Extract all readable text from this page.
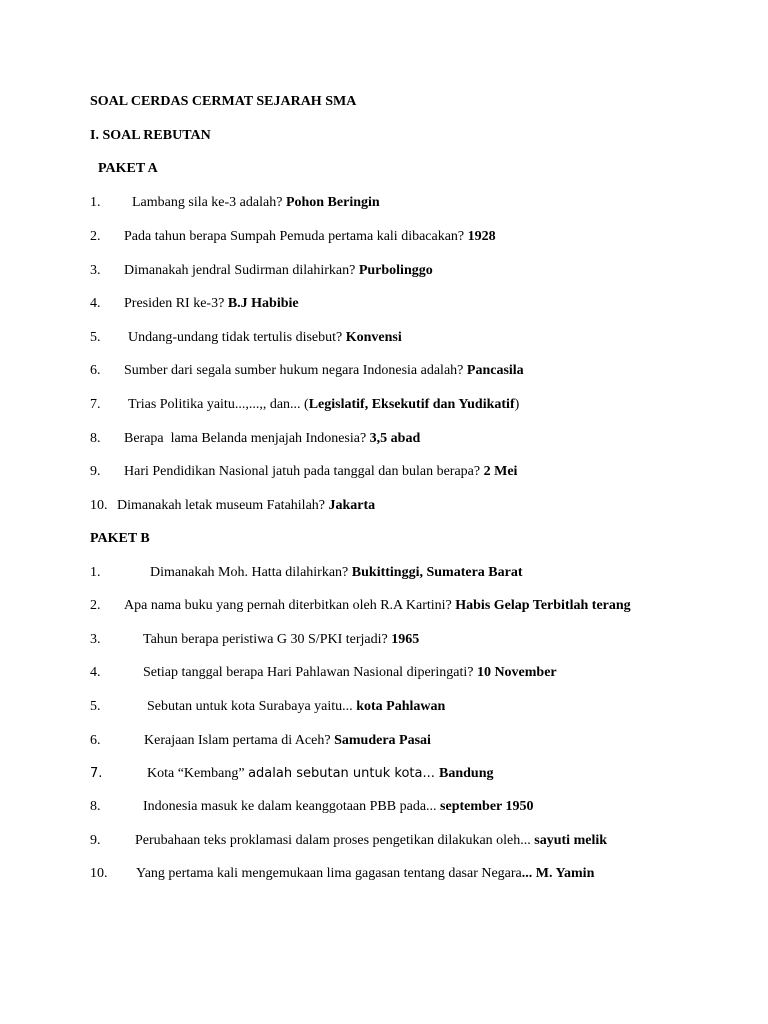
SOAL CERDAS CERMAT SEJARAH SMA
I. SOAL REBUTAN
PAKET A
1. Lambang sila ke-3 adalah? Pohon Beringin
2. Pada tahun berapa Sumpah Pemuda pertama kali dibacakan? 1928
3. Dimanakah jendral Sudirman dilahirkan? Purbolinggo
4. Presiden RI ke-3? B.J Habibie
5. Undang-undang tidak tertulis disebut? Konvensi
6. Sumber dari segala sumber hukum negara Indonesia adalah? Pancasila
7. Trias Politika yaitu...,...,, dan... (Legislatif, Eksekutif dan Yudikatif)
8. Berapa  lama Belanda menjajah Indonesia? 3,5 abad
9. Hari Pendidikan Nasional jatuh pada tanggal dan bulan berapa? 2 Mei
10. Dimanakah letak museum Fatahilah? Jakarta
PAKET B
1.	Dimanakah Moh. Hatta dilahirkan? Bukittinggi, Sumatera Barat
2. Apa nama buku yang pernah diterbitkan oleh R.A Kartini? Habis Gelap Terbitlah terang
3.	Tahun berapa peristiwa G 30 S/PKI terjadi? 1965
4.	Setiap tanggal berapa Hari Pahlawan Nasional diperingati? 10 November
5.	Sebutan untuk kota Surabaya yaitu... kota Pahlawan
6.	Kerajaan Islam pertama di Aceh? Samudera Pasai
7.	Kota “Kembang” adalah sebutan untuk kota... Bandung
8.	Indonesia masuk ke dalam keanggotaan PBB pada... september 1950
9. Perubahaan teks proklamasi dalam proses pengetikan dilakukan oleh... sayuti melik
10. Yang pertama kali mengemukaan lima gagasan tentang dasar Negara... M. Yamin
